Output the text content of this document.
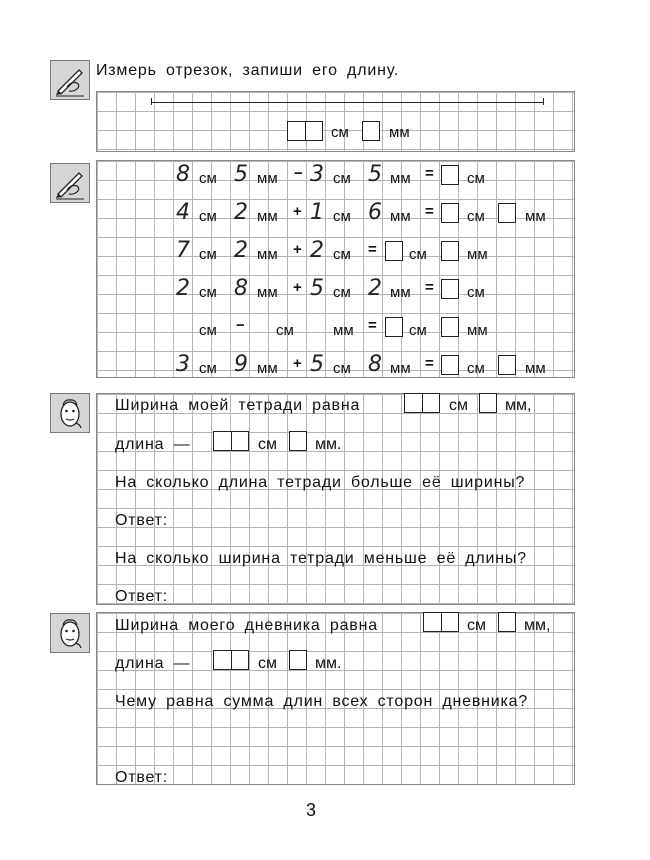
Измерь отрезок, запиши его длину.
см	мм
8 см 5 мм − 3 см 5 мм = см
4 см 2 мм + 1 см 6 мм = см	мм
7 см 2 мм + 2 см = см	мм
2 см 8 мм + 5 см 2 мм = см
см − см	мм = см	мм
3 см 9 мм + 5 см 8 мм = см	мм
Ширина моей тетради равна	см мм,
длина —	см мм.
На сколько длина тетради больше её ширины?
Ответ:
На сколько ширина тетради меньше её длины?
Ответ:
Ширина моего дневника равна	см мм,
длина —	см мм.
Чему равна сумма длин всех сторон дневника?
Ответ:
3
